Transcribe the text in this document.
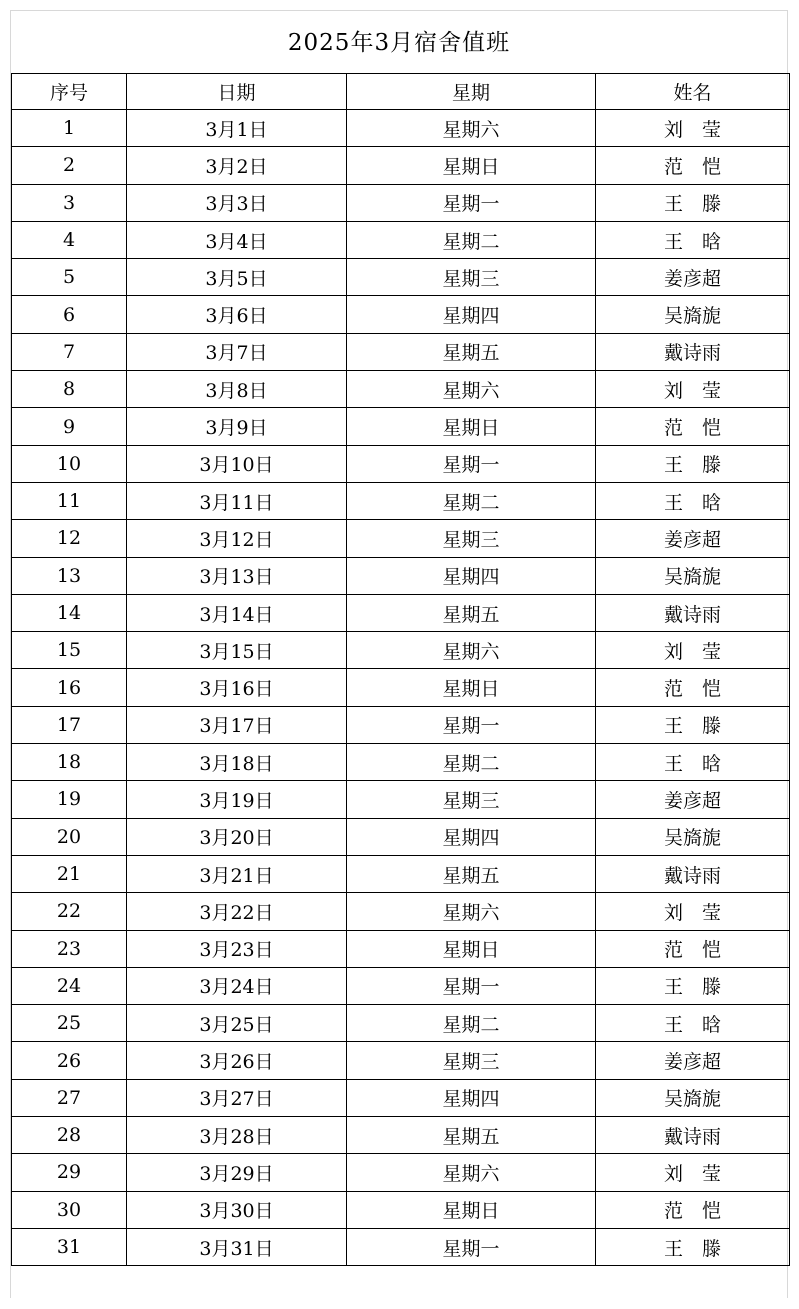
2025年3月宿舍值班
序号	日期	星期	姓名
1	3月1日	星期六	刘　莹
2	3月2日	星期日	范　恺
3	3月3日	星期一	王　滕
4	3月4日	星期二	王　晗
5	3月5日	星期三	姜彦超
6	3月6日	星期四	吴旖旎
7	3月7日	星期五	戴诗雨
8	3月8日	星期六	刘　莹
9	3月9日	星期日	范　恺
10	3月10日	星期一	王　滕
11	3月11日	星期二	王　晗
12	3月12日	星期三	姜彦超
13	3月13日	星期四	吴旖旎
14	3月14日	星期五	戴诗雨
15	3月15日	星期六	刘　莹
16	3月16日	星期日	范　恺
17	3月17日	星期一	王　滕
18	3月18日	星期二	王　晗
19	3月19日	星期三	姜彦超
20	3月20日	星期四	吴旖旎
21	3月21日	星期五	戴诗雨
22	3月22日	星期六	刘　莹
23	3月23日	星期日	范　恺
24	3月24日	星期一	王　滕
25	3月25日	星期二	王　晗
26	3月26日	星期三	姜彦超
27	3月27日	星期四	吴旖旎
28	3月28日	星期五	戴诗雨
29	3月29日	星期六	刘　莹
30	3月30日	星期日	范　恺
31	3月31日	星期一	王　滕
